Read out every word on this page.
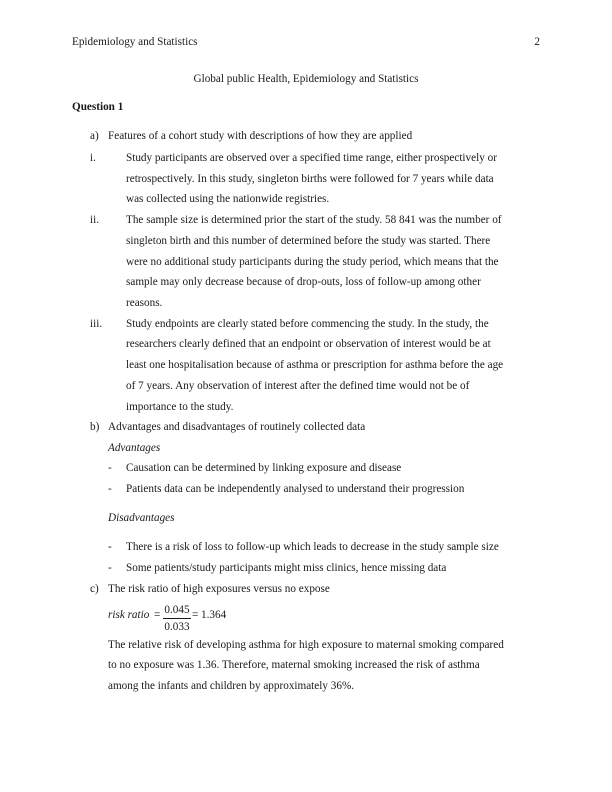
Epidemiology and Statistics	2
Global public Health, Epidemiology and Statistics
Question 1
a) Features of a cohort study with descriptions of how they are applied
i.	Study participants are observed over a specified time range, either prospectively or
retrospectively. In this study, singleton births were followed for 7 years while data
was collected using the nationwide registries.
ii. The sample size is determined prior the start of the study. 58 841 was the number of
singleton birth and this number of determined before the study was started. There
were no additional study participants during the study period, which means that the
sample may only decrease because of drop-outs, loss of follow-up among other
reasons.
iii. Study endpoints are clearly stated before commencing the study. In the study, the
researchers clearly defined that an endpoint or observation of interest would be at
least one hospitalisation because of asthma or prescription for asthma before the age
of 7 years. Any observation of interest after the defined time would not be of
importance to the study.
b) Advantages and disadvantages of routinely collected data
Advantages
- Causation can be determined by linking exposure and disease
- Patients data can be independently analysed to understand their progression
Disadvantages
- There is a risk of loss to follow-up which leads to decrease in the study sample size
- Some patients/study participants might miss clinics, hence missing data
c) The risk ratio of high exposures versus no expose
risk ratio = 0.045
0.033
= 1.364
The relative risk of developing asthma for high exposure to maternal smoking compared
to no exposure was 1.36. Therefore, maternal smoking increased the risk of asthma
among the infants and children by approximately 36%.
